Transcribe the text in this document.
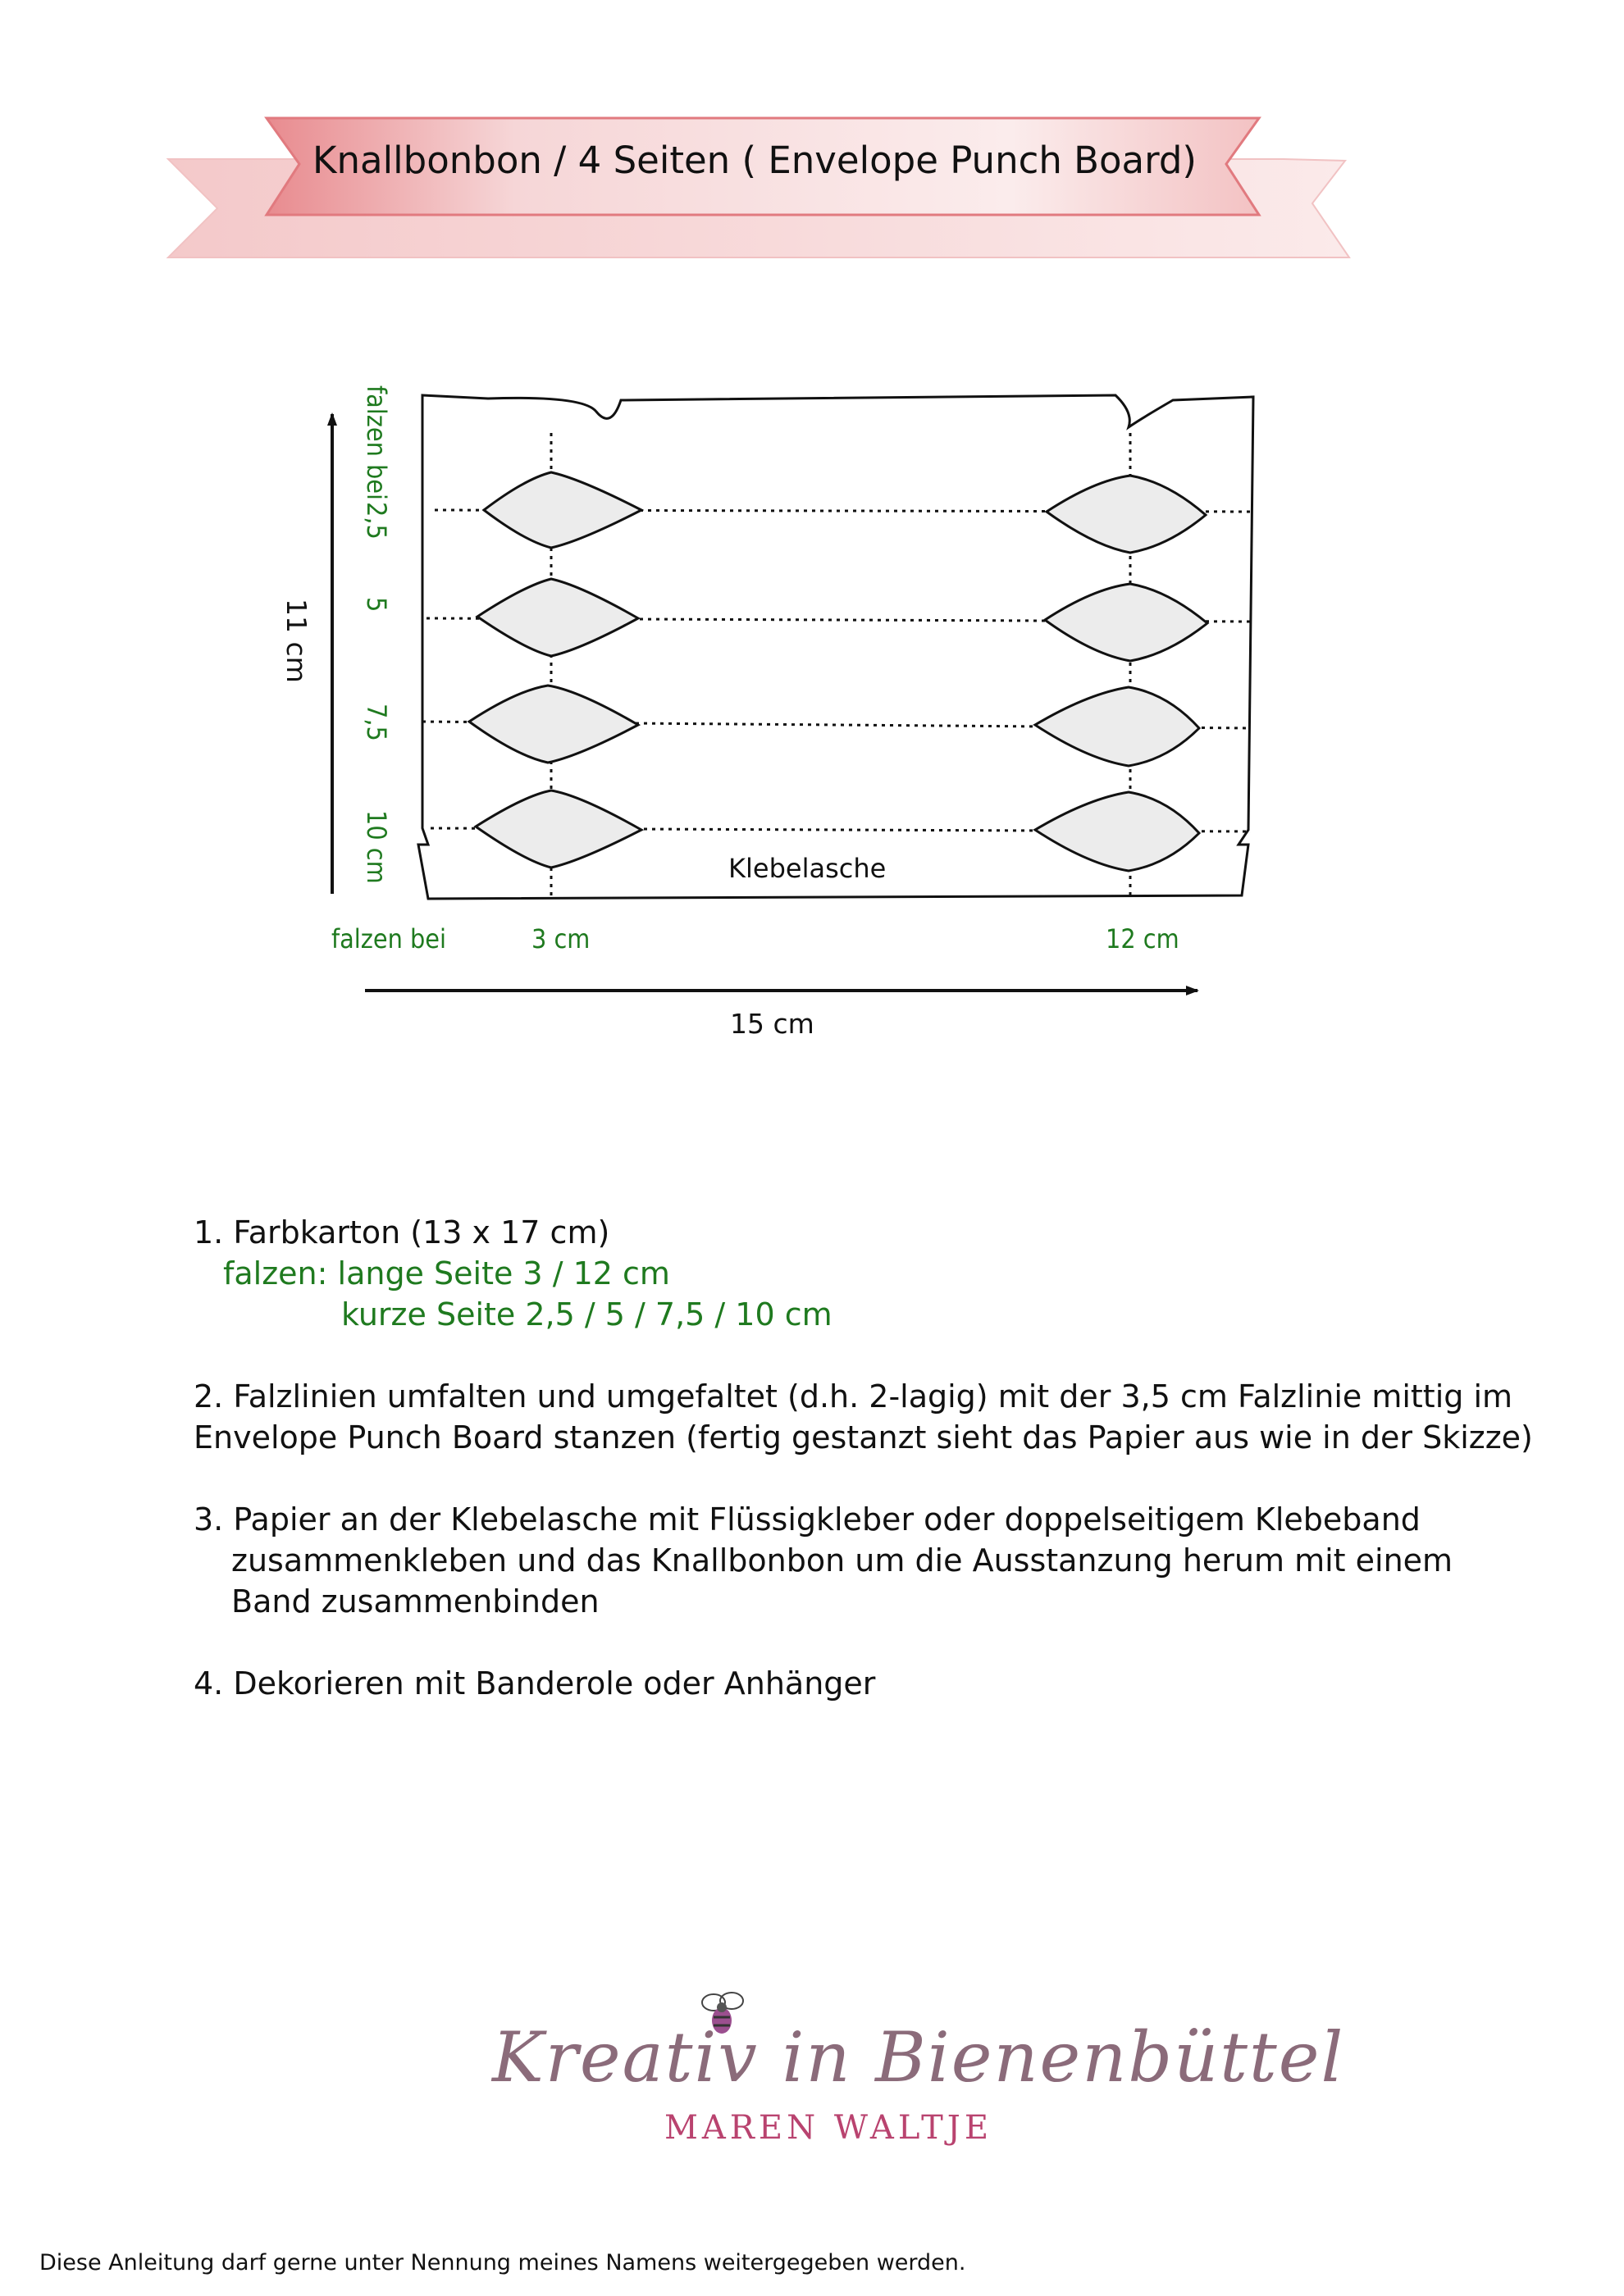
Knallbonbon / 4 Seiten ( Envelope Punch Board)
falzen bei
2,5
5
7,5
10 cm
11 cm
falzen bei	3 cm	12 cm
15 cm
Klebelasche
1. Farbkarton (13 x 17 cm)
falzen: lange Seite 3 / 12 cm
kurze Seite 2,5 / 5 / 7,5 / 10 cm
2. Falzlinien umfalten und umgefaltet (d.h. 2-lagig) mit der 3,5 cm Falzlinie mittig im Envelope Punch Board stanzen (fertig gestanzt sieht das Papier aus wie in der Skizze)
3. Papier an der Klebelasche mit Flüssigkleber oder doppelseitigem Klebeband zusammenkleben und das Knallbonbon um die Ausstanzung herum mit einem Band zusammenbinden
4. Dekorieren mit Banderole oder Anhänger
Kreativ in Bienenbüttel
MAREN WALTJE
Diese Anleitung darf gerne unter Nennung meines Namens weitergegeben werden.
